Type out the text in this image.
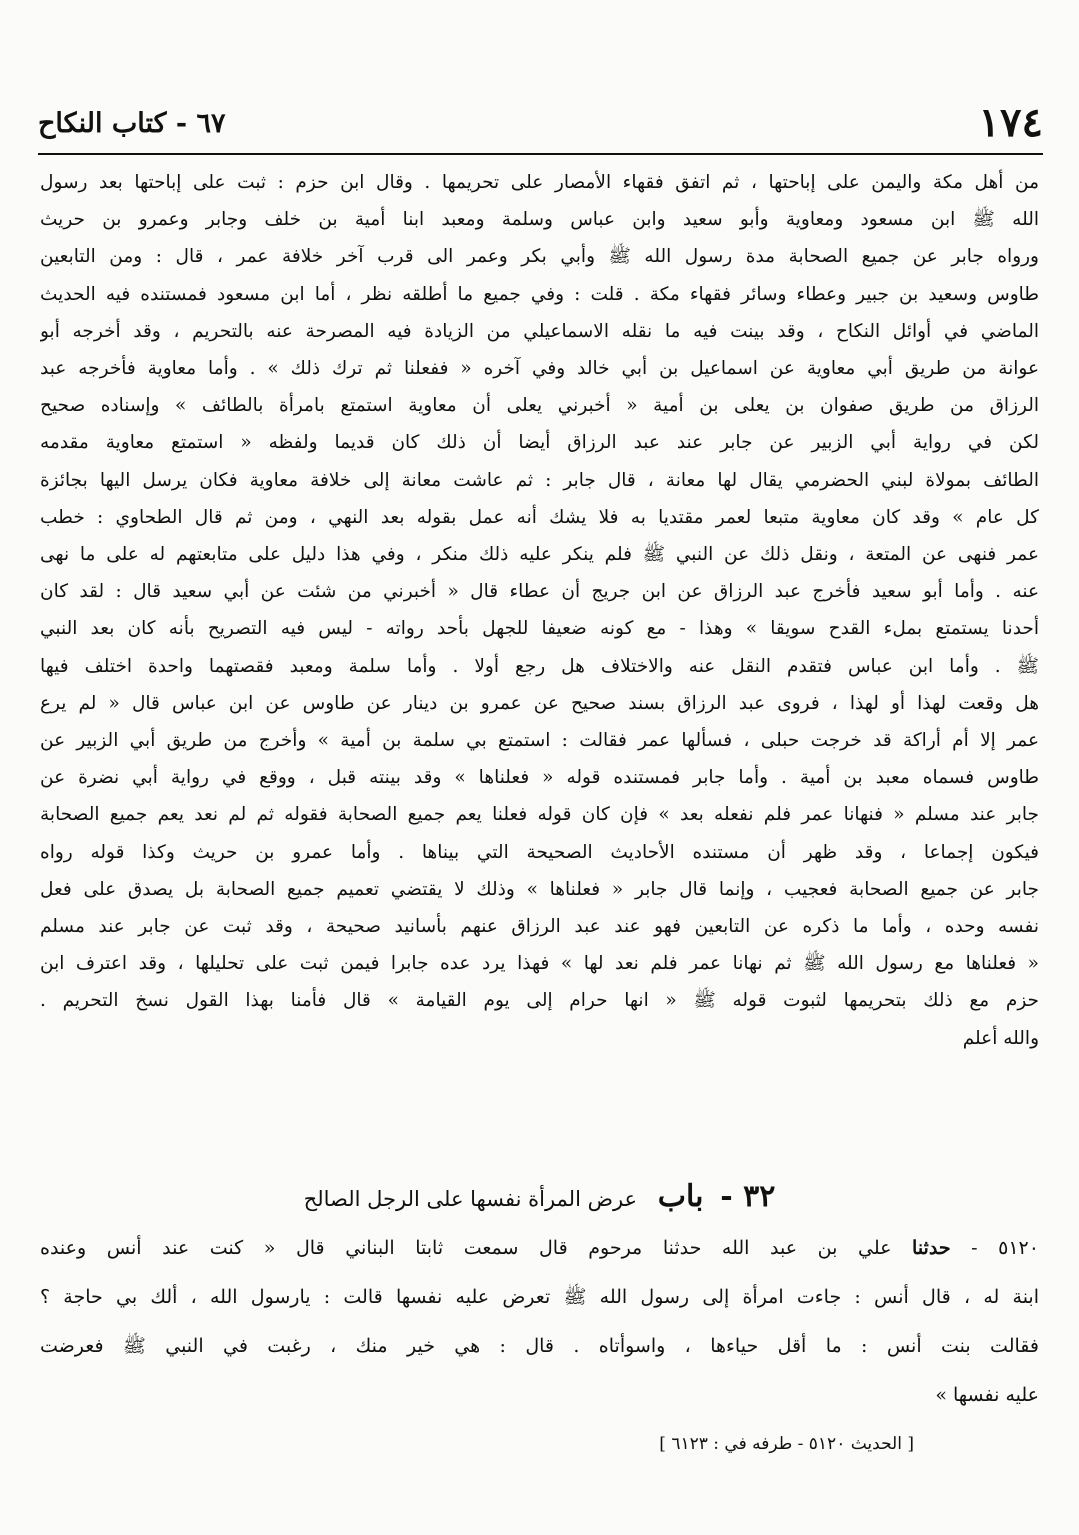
١٧٤
٦٧ - كتاب النكاح
من أهل مكة واليمن على إباحتها ، ثم اتفق فقهاء الأمصار على تحريمها . وقال ابن حزم : ثبت على إباحتها بعد رسول
الله ﷺ ابن مسعود ومعاوية وأبو سعيد وابن عباس وسلمة ومعبد ابنا أمية بن خلف وجابر وعمرو بن حريث
ورواه جابر عن جميع الصحابة مدة رسول الله ﷺ وأبي بكر وعمر الى قرب آخر خلافة عمر ، قال : ومن التابعين
طاوس وسعيد بن جبير وعطاء وسائر فقهاء مكة . قلت : وفي جميع ما أطلقه نظر ، أما ابن مسعود فمستنده فيه الحديث
الماضي في أوائل النكاح ، وقد بينت فيه ما نقله الاسماعيلي من الزيادة فيه المصرحة عنه بالتحريم ، وقد أخرجه أبو
عوانة من طريق أبي معاوية عن اسماعيل بن أبي خالد وفي آخره « ففعلنا ثم ترك ذلك » . وأما معاوية فأخرجه عبد
الرزاق من طريق صفوان بن يعلى بن أمية « أخبرني يعلى أن معاوية استمتع بامرأة بالطائف » وإسناده صحيح
لكن في رواية أبي الزبير عن جابر عند عبد الرزاق أيضا أن ذلك كان قديما ولفظه « استمتع معاوية مقدمه
الطائف بمولاة لبني الحضرمي يقال لها معانة ، قال جابر : ثم عاشت معانة إلى خلافة معاوية فكان يرسل اليها بجائزة
كل عام » وقد كان معاوية متبعا لعمر مقتديا به فلا يشك أنه عمل بقوله بعد النهي ، ومن ثم قال الطحاوي : خطب
عمر فنهى عن المتعة ، ونقل ذلك عن النبي ﷺ فلم ينكر عليه ذلك منكر ، وفي هذا دليل على متابعتهم له على ما نهى
عنه . وأما أبو سعيد فأخرج عبد الرزاق عن ابن جريج أن عطاء قال « أخبرني من شئت عن أبي سعيد قال : لقد كان
أحدنا يستمتع بملء القدح سويقا » وهذا - مع كونه ضعيفا للجهل بأحد رواته - ليس فيه التصريح بأنه كان بعد النبي
ﷺ . وأما ابن عباس فتقدم النقل عنه والاختلاف هل رجع أولا . وأما سلمة ومعبد فقصتهما واحدة اختلف فيها
هل وقعت لهذا أو لهذا ، فروى عبد الرزاق بسند صحيح عن عمرو بن دينار عن طاوس عن ابن عباس قال « لم يرع
عمر إلا أم أراكة قد خرجت حبلى ، فسألها عمر فقالت : استمتع بي سلمة بن أمية » وأخرج من طريق أبي الزبير عن
طاوس فسماه معبد بن أمية . وأما جابر فمستنده قوله « فعلناها » وقد بينته قبل ، ووقع في رواية أبي نضرة عن
جابر عند مسلم « فنهانا عمر فلم نفعله بعد » فإن كان قوله فعلنا يعم جميع الصحابة فقوله ثم لم نعد يعم جميع الصحابة
فيكون إجماعا ، وقد ظهر أن مستنده الأحاديث الصحيحة التي بيناها . وأما عمرو بن حريث وكذا قوله رواه
جابر عن جميع الصحابة فعجيب ، وإنما قال جابر « فعلناها » وذلك لا يقتضي تعميم جميع الصحابة بل يصدق على فعل
نفسه وحده ، وأما ما ذكره عن التابعين فهو عند عبد الرزاق عنهم بأسانيد صحيحة ، وقد ثبت عن جابر عند مسلم
« فعلناها مع رسول الله ﷺ ثم نهانا عمر فلم نعد لها » فهذا يرد عده جابرا فيمن ثبت على تحليلها ، وقد اعترف ابن
حزم مع ذلك بتحريمها لثبوت قوله ﷺ « انها حرام إلى يوم القيامة » قال فأمنا بهذا القول نسخ التحريم .
والله أعلم
٣٢ - باب عرض المرأة نفسها على الرجل الصالح
٥١٢٠ - حدثنا علي بن عبد الله حدثنا مرحوم قال سمعت ثابتا البناني قال « كنت عند أنس وعنده
ابنة له ، قال أنس : جاءت امرأة إلى رسول الله ﷺ تعرض عليه نفسها قالت : يارسول الله ، ألك بي حاجة ؟
فقالت بنت أنس : ما أقل حياءها ، واسوأتاه . قال : هي خير منك ، رغبت في النبي ﷺ فعرضت
عليه نفسها »
[ الحديث ٥١٢٠ - طرفه في : ٦١٢٣ ]
